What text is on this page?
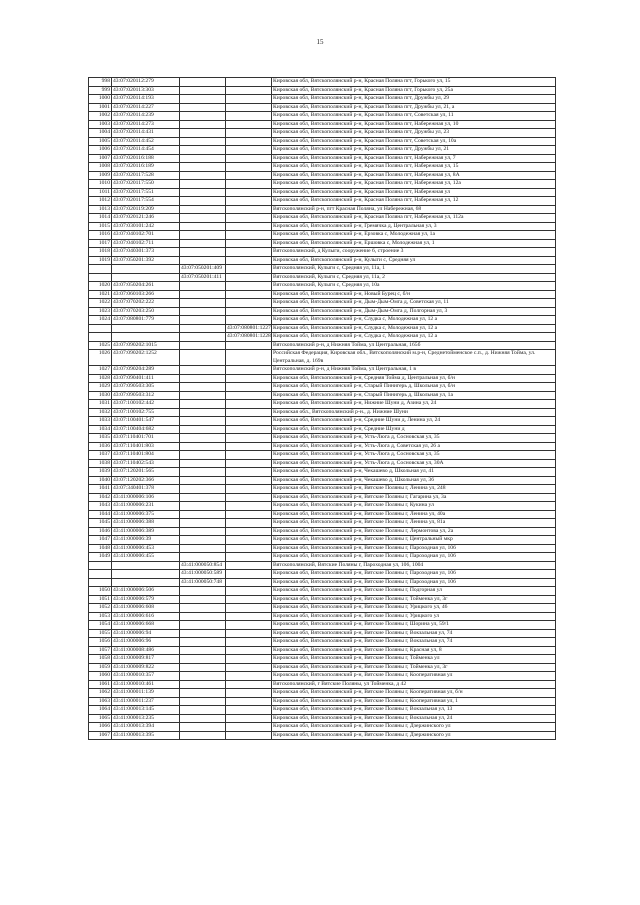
15
998	43:07:020112:279			Кировская обл, Вятскополянский р-н, Красная Поляна пгт, Горького ул, 15
999	43:07:020113:303			Кировская обл, Вятскополянский р-н, Красная Поляна пгт, Горького ул, 25а
1000	43:07:020114:193			Кировская обл, Вятскополянский р-н, Красная Поляна пгт, Дружбы ул, 29
1001	43:07:020114:227			Кировская обл, Вятскополянский р-н, Красная Поляна пгт, Дружбы ул, 21, а
1002	43:07:020114:239			Кировская обл, Вятскополянский р-н, Красная Поляна пгт, Советская ул, 11
1003	43:07:020114:273			Кировская обл, Вятскополянский р-н, Красная Поляна пгт, Набережная ул, 10
1004	43:07:020114:431			Кировская обл, Вятскополянский р-н, Красная Поляна пгт, Дружбы ул, 23
1005	43:07:020114:452			Кировская обл, Вятскополянский р-н, Красная Поляна пгт, Советская ул, 10а
1006	43:07:020114:454			Кировская обл, Вятскополянский р-н, Красная Поляна пгт, Дружбы ул, 21
1007	43:07:020116:188			Кировская обл, Вятскополянский р-н, Красная Поляна пгт, Набережная ул, 7
1008	43:07:020116:189			Кировская обл, Вятскополянский р-н, Красная Поляна пгт, Набережная ул, 15
1009	43:07:020117:528			Кировская обл, Вятскополянский р-н, Красная Поляна пгт, Набережная ул, 8А
1010	43:07:020117:550			Кировская обл, Вятскополянский р-н, Красная Поляна пгт, Набережная ул, 12а
1011	43:07:020117:551			Кировская обл, Вятскополянский р-н, Красная Поляна пгт, Набережная ул
1012	43:07:020117:554			Кировская обл, Вятскополянский р-н, Красная Поляна пгт, Набережная ул, 12
1013	43:07:020119:209			Вятскополянский р-н, пгт Красная Поляна, ул Набережная, 68
1014	43:07:020121:246			Кировская обл, Вятскополянский р-н, Красная Поляна пгт, Набережная ул, 112а
1015	43:07:030101:242			Кировская обл, Вятскополянский р-н, Гремячка д, Центральная ул, 3
1016	43:07:040102:701			Кировская обл, Вятскополянский р-н, Ерзовка с, Молодежная ул, 1а
1017	43:07:040102:711			Кировская обл, Вятскополянский р-н, Ершовка с, Молодежная ул, 1
1018	43:07:040301:373			Вятскополянский, д Кулыги, сооружение 6, строение 3
1019	43:07:050201:392			Кировская обл, Вятскополянский р-н, Кулыги с, Средняя ул
		43:07:050201:409		Вятскополянский, Кулыги с, Средняя ул, 11а, 1
		43:07:050201:411		Вятскополянский, Кулыги с, Средняя ул, 11а, 2
1020	43:07:050204:261			Вятскополянский, Кулыги с, Средняя ул, 10а
1021	43:07:060103:266			Кировская обл, Вятскополянский р-н, Новый Бурец с, б/н
1022	43:07:070202:222			Кировская обл, Вятскополянский р-н, Дым-Дым-Омга д, Советская ул, 11
1023	43:07:070203:250			Кировская обл, Вятскополянский р-н, Дым-Дым-Омга д, Полгорная ул, 3
1024	43:07:080801:779			Кировская обл, Вятскополянский р-н, Слудка с, Молодежная ул, 12 а
			43:07:080801:1227	Кировская обл, Вятскополянский р-н, Слудка с, Молодежная ул, 12 а
			43:07:080801:1228	Кировская обл, Вятскополянский р-н, Слудка с, Молодежная ул, 12 а
1025	43:07:090202:1015			Вятскополянский р-н, д Нижняя Тойма, ул Центральная, 165б
1026	43:07:090202:1252			Российская Федерация, Кировская обл., Вятскополянский м.р-н, Среднетойменское с.п., д. Нижняя Тойма, ул. Центральная, д. 169в
1027	43:07:090204:289			Вятскополянский р-н, д Нижняя Тойма, ул Центральная, 1 в
1028	43:07:090401:411			Кировская обл, Вятскополянский р-н, Средняя Тойма д, Центральная ул, б/н
1029	43:07:090503:305			Кировская обл, Вятскополянский р-н, Старый Пинигерь д, Школьная ул, б/н
1030	43:07:090503:312			Кировская обл, Вятскополянский р-н, Старый Пинигерь д, Школьная ул, 1а
1031	43:07:100102:442			Кировская обл, Вятскополянский р-н, Нижние Шуни д, Азина ул, 24
1032	43:07:100102:755			Кировская обл., Вятскополянский р-н., д. Нижние Шуни
1033	43:07:100401:547			Кировская обл, Вятскополянский р-н, Средние Шуни д, Ленина ул, 24
1034	43:07:100404:682			Кировская обл, Вятскополянский р-н, Средние Шуни д
1035	43:07:110401:701			Кировская обл, Вятскополянский р-н, Усть-Люга д, Сосновская ул, 35
1036	43:07:110401:803			Кировская обл, Вятскополянский р-н, Усть-Люга д, Советская ул, 26 а
1037	43:07:110401:804			Кировская обл, Вятскополянский р-н, Усть-Люга д, Сосновская ул, 35
1038	43:07:110402:543			Кировская обл, Вятскополянский р-н, Усть-Люга д, Сосновская ул, 30А
1039	43:07:120201:565			Кировская обл, Вятскополянский р-н, Чекашево д, Школьная ул, 41
1040	43:07:120202:366			Кировская обл, Вятскополянский р-н, Чекашево д, Школьная ул, 36
1041	43:07:340401:378			Кировская обл, Вятскополянский р-н, Вятские Поляны г, Ленина ул, 248
1042	43:41:000006:106			Кировская обл, Вятскополянский р-н, Вятские Поляны г, Гагарина ул, 3а
1043	43:41:000006:231			Кировская обл, Вятскополянский р-н, Вятские Поляны г, Кукина ул
1044	43:41:000006:375			Кировская обл, Вятскополянский р-н, Вятские Поляны г, Ленина ул, 40а
1045	43:41:000006:388			Кировская обл, Вятскополянский р-н, Вятские Поляны г, Ленина ул, 81а
1046	43:41:000006:389			Кировская обл, Вятскополянский р-н, Вятские Поляны г, Лермонтова ул, 2а
1047	43:41:000006:39			Кировская обл, Вятскополянский р-н, Вятские Поляны г, Центральный мкр
1048	43:41:000006:453			Кировская обл, Вятскополянский р-н, Вятские Поляны г, Пароходная ул, 106
1049	43:41:000006:455			Кировская обл, Вятскополянский р-н, Вятские Поляны г, Пароходная ул, 106
		43:41:000050:854		Вятскополянский, Вятские Поляны г, Пароходная ул, 106, 1004
		43:41:000050:589		Кировская обл, Вятскополянский р-н, Вятские Поляны г, Пароходная ул, 106
		43:41:000050:748		Кировская обл, Вятскополянский р-н, Вятские Поляны г, Пароходная ул, 106
1050	43:41:000006:506			Кировская обл, Вятскополянский р-н, Вятские Поляны г, Подгорная ул
1051	43:41:000006:579			Кировская обл, Вятскополянский р-н, Вятские Поляны г, Тойменка ул, 3г
1052	43:41:000006:608			Кировская обл, Вятскополянский р-н, Вятские Поляны г, Урицкого ул, 46
1053	43:41:000006:616			Кировская обл, Вятскополянский р-н, Вятские Поляны г, Урицкого ул
1054	43:41:000006:668			Кировская обл, Вятскополянский р-н, Вятские Поляны г, Шорина ул, 59/1
1055	43:41:000006:94			Кировская обл, Вятскополянский р-н, Вятские Поляны г, Вокзальная ул, 74
1056	43:41:000006:96			Кировская обл, Вятскополянский р-н, Вятские Поляны г, Вокзальная ул, 74
1057	43:41:000008:486			Кировская обл, Вятскополянский р-н, Вятские Поляны г, Красная ул, 8
1058	43:41:000009:817			Кировская обл, Вятскополянский р-н, Вятские Поляны г, Тойменка ул
1059	43:41:000009:822			Кировская обл, Вятскополянский р-н, Вятские Поляны г, Тойменка ул, 3г
1060	43:41:000010:357			Кировская обл, Вятскополянский р-н, Вятские Поляны г, Кооперативная ул
1061	43:41:000010:461			Вятскополянский, г Вятские Поляны, ул Тойменка, д 42
1062	43:41:000011:139			Кировская обл, Вятскополянский р-н, Вятские Поляны г, Кооперативная ул, б/н
1063	43:41:000011:237			Кировская обл, Вятскополянский р-н, Вятские Поляны г, Кооперативная ул, 1
1064	43:41:000013:145			Кировская обл, Вятскополянский р-н, Вятские Поляны г, Вокзальная ул, 13
1065	43:41:000013:235			Кировская обл, Вятскополянский р-н, Вятские Поляны г, Вокзальная ул, 24
1066	43:41:000013:394			Кировская обл, Вятскополянский р-н, Вятские Поляны г, Дзержинского ул
1067	43:41:000013:395			Кировская обл, Вятскополянский р-н, Вятские Поляны г, Дзержинского ул
